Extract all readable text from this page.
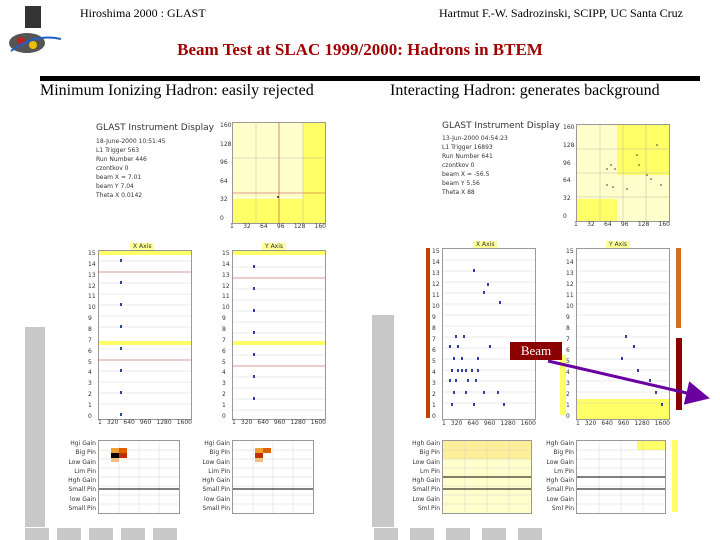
Hiroshima 2000 : GLAST	Hartmut F.-W. Sadrozinski, SCIPP, UC Santa Cruz
Beam Test at SLAC 1999/2000: Hadrons in BTEM
Minimum Ionizing Hadron: easily rejected	Interacting Hadron: generates background
GLAST Instrument Display
18-June-2000 10:51:45
L1 Trigger 563
Run Number 446
czontkov 0
beam X = 7.01
beam Y 7.04
Theta X 0.0142
160
128
96
64
32
0
1 32 64 96 128 160
X Axis
15
14
13
12
11
10
9
8
7
6
5
4
3
2
1
0
1 320 640 960 1280 1600
Y Axis
15
14
13
12
11
10
9
8
7
6
5
4
3
2
1
0
1 320 640 960 1280 1600
Hgi Gain
Big Pin
Low Gain
Lim Pin
Hgh Gain
Small Pin
low Gain
Small Pin
Hgi Gain
Big Pin
Low Gain
Lim Pin
Hgh Gain
Small Pin
low Gain
Small Pin
GLAST Instrument Display
13-Jun-2000 04:54:23
L1 Trigger 16893
Run Number 641
czontkov 0
beam X = -56.5
beam Y 5.56
Theta X 88
160
128
96
64
32
0
1 32 64 96 128 160
X Axis
15
14
13
12
11
10
9
8
7
6
5
4
3
2
1
0
1 320 640 960 1280 1600
Y Axis
15
14
13
12
11
10
9
8
7
6
5
4
3
2
1
0
1 320 640 960 1280 1600
Beam
Hgh Gain
Big Pin
Low Gain
Lm Pin
Hgh Gain
Small Pin
Low Gain
Sml Pin
Hgh Gain
Big Pin
Low Gain
Lm Pin
Hgh Gain
Small Pin
Low Gain
Sml Pin
